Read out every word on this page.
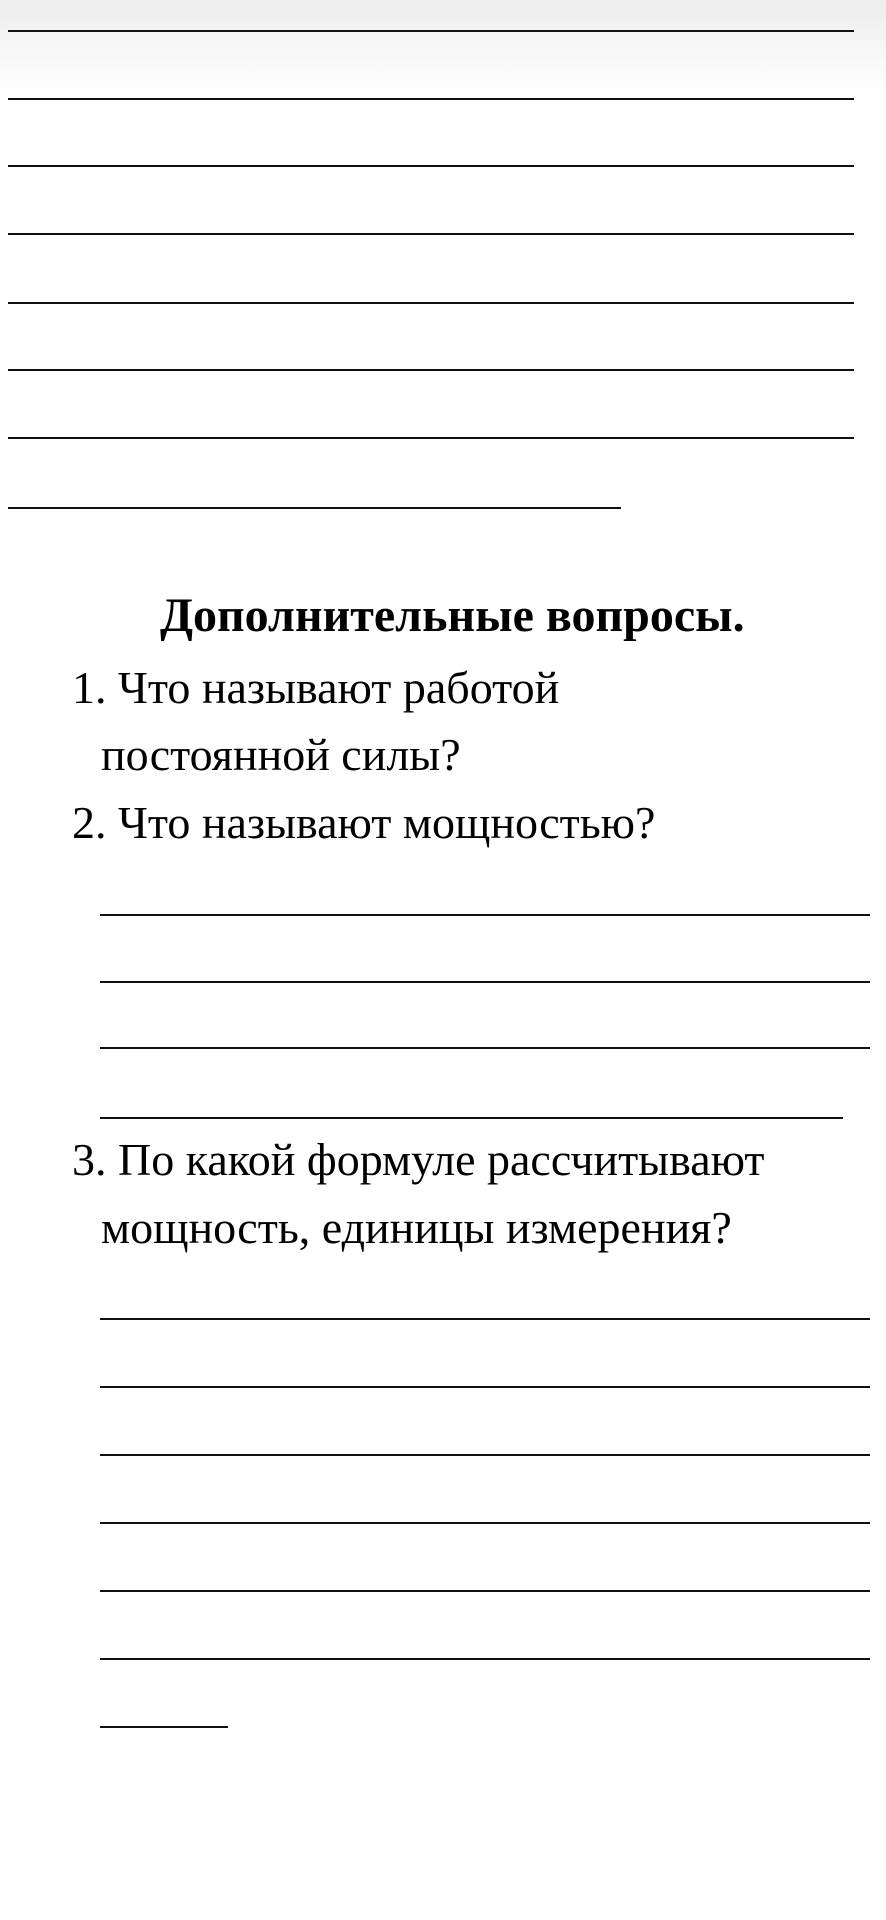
Дополнительные вопросы.
1. Что называют работой
постоянной силы?
2. Что называют мощностью?
3. По какой формуле рассчитывают
мощность, единицы измерения?
